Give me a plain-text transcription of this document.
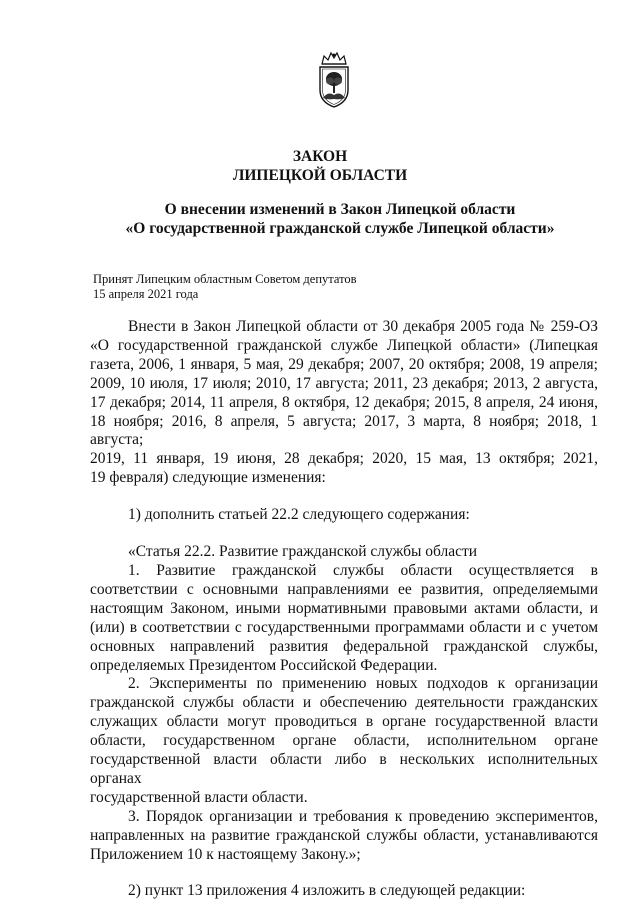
ЗАКОН
ЛИПЕЦКОЙ ОБЛАСТИ
О внесении изменений в Закон Липецкой области
«О государственной гражданской службе Липецкой области»
Принят Липецким областным Советом депутатов
15 апреля 2021 года
Внести в Закон Липецкой области от 30 декабря 2005 года № 259-ОЗ
«О государственной гражданской службе Липецкой области» (Липецкая
газета, 2006, 1 января, 5 мая, 29 декабря; 2007, 20 октября; 2008, 19 апреля;
2009, 10 июля, 17 июля; 2010, 17 августа; 2011, 23 декабря; 2013, 2 августа,
17 декабря; 2014, 11 апреля, 8 октября, 12 декабря; 2015, 8 апреля, 24 июня,
18 ноября; 2016, 8 апреля, 5 августа; 2017, 3 марта, 8 ноября; 2018, 1 августа;
2019, 11 января, 19 июня, 28 декабря; 2020, 15 мая, 13 октября; 2021,
19 февраля) следующие изменения:
1) дополнить статьей 22.2 следующего содержания:
«Статья 22.2. Развитие гражданской службы области
1. Развитие гражданской службы области осуществляется в
соответствии с основными направлениями ее развития, определяемыми
настоящим Законом, иными нормативными правовыми актами области, и
(или) в соответствии с государственными программами области и с учетом
основных направлений развития федеральной гражданской службы,
определяемых Президентом Российской Федерации.
2. Эксперименты по применению новых подходов к организации
гражданской службы области и обеспечению деятельности гражданских
служащих области могут проводиться в органе государственной власти
области, государственном органе области, исполнительном органе
государственной власти области либо в нескольких исполнительных органах
государственной власти области.
3. Порядок организации и требования к проведению экспериментов,
направленных на развитие гражданской службы области, устанавливаются
Приложением 10 к настоящему Закону.»;
2) пункт 13 приложения 4 изложить в следующей редакции:
